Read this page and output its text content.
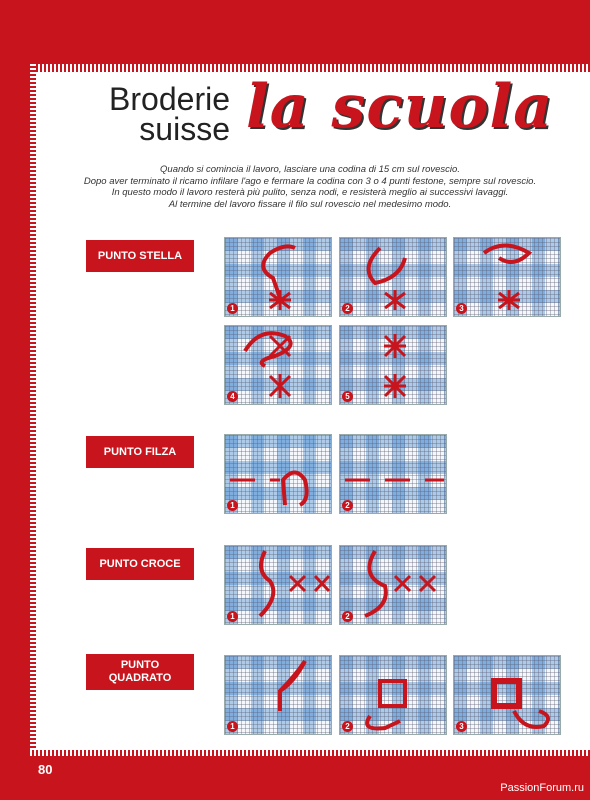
Broderie
suisse la scuola
Quando si comincia il lavoro, lasciare una codina di 15 cm sul rovescio.
Dopo aver terminato il ricamo infilare l'ago e fermare la codina con 3 o 4 punti festone, sempre sul rovescio.
In questo modo il lavoro resterà più pulito, senza nodi, e resisterà meglio ai successivi lavaggi.
Al termine del lavoro fissare il filo sul rovescio nel medesimo modo.
PUNTO STELLA
PUNTO FILZA
PUNTO CROCE
PUNTO
QUADRATO
1	2	3
4	5
1	2
1	2
1	2	3
80
PassionForum.ru
